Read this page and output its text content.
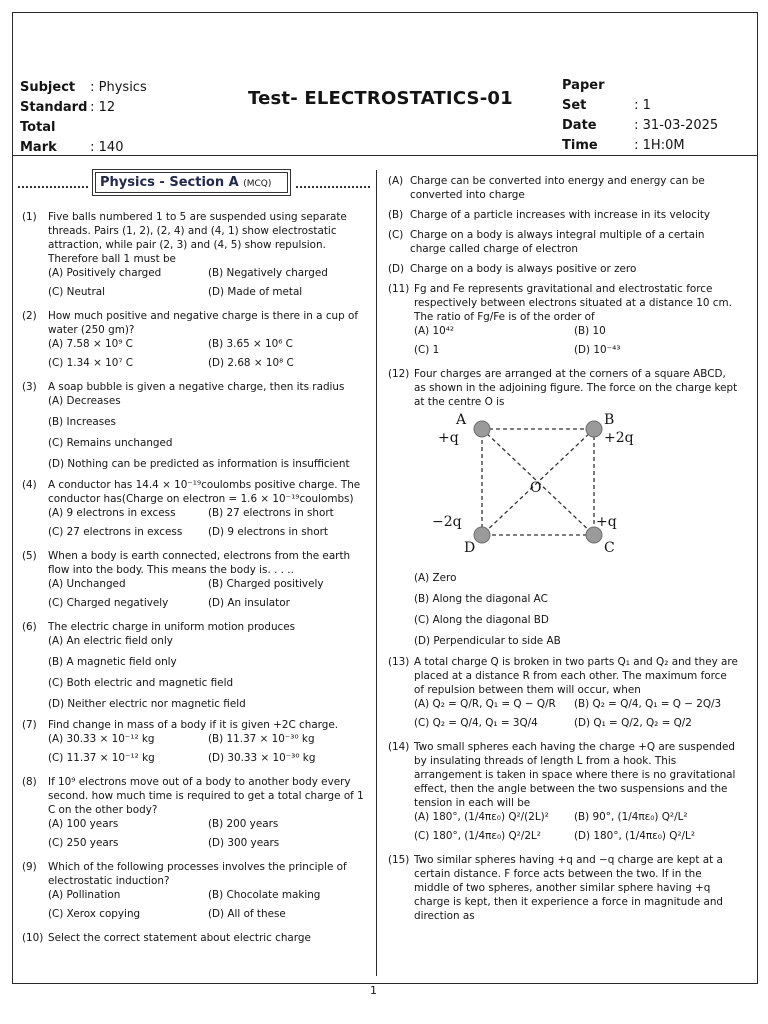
Subject : Physics
Standard : 12
Total Mark	: 140
Test- ELECTROSTATICS-01
Paper Set	: 1
Date	: 31-03-2025
Time	: 1H:0M
Physics - Section A (MCQ)
(1) Five balls numbered 1 to 5 are suspended using separate threads. Pairs (1, 2), (2, 4) and (4, 1) show electrostatic attraction, while pair (2, 3) and (4, 5) show repulsion. Therefore ball 1 must be
(A) Positively charged	(B) Negatively charged
(C) Neutral	(D) Made of metal
(2) How much positive and negative charge is there in a cup of water (250 gm)?
(A) 7.58 × 10⁹ C	(B) 3.65 × 10⁶ C
(C) 1.34 × 10⁷ C	(D) 2.68 × 10⁸ C
(3) A soap bubble is given a negative charge, then its radius
(A) Decreases
(B) Increases
(C) Remains unchanged
(D) Nothing can be predicted as information is insufficient
(4) A conductor has 14.4 × 10⁻¹⁹coulombs positive charge. The conductor has(Charge on electron = 1.6 × 10⁻¹⁹coulombs)
(A) 9 electrons in excess	(B) 27 electrons in short
(C) 27 electrons in excess (D) 9 electrons in short
(5) When a body is earth connected, electrons from the earth flow into the body. This means the body is. . . ..
(A) Unchanged	(B) Charged positively
(C) Charged negatively	(D) An insulator
(6) The electric charge in uniform motion produces
(A) An electric field only
(B) A magnetic field only
(C) Both electric and magnetic field
(D) Neither electric nor magnetic field
(7) Find change in mass of a body if it is given +2C charge.
(A) 30.33 × 10⁻¹² kg	(B) 11.37 × 10⁻³⁰ kg
(C) 11.37 × 10⁻¹² kg	(D) 30.33 × 10⁻³⁰ kg
(8) If 10⁹ electrons move out of a body to another body every second. how much time is required to get a total charge of 1 C on the other body?
(A) 100 years	(B) 200 years
(C) 250 years	(D) 300 years
(9) Which of the following processes involves the principle of electrostatic induction?
(A) Pollination	(B) Chocolate making
(C) Xerox copying	(D) All of these
(10) Select the correct statement about electric charge
(A) Charge can be converted into energy and energy can be converted into charge
(B) Charge of a particle increases with increase in its velocity
(C) Charge on a body is always integral multiple of a certain charge called charge of electron
(D) Charge on a body is always positive or zero
(11) Fg and Fe represents gravitational and electrostatic force respectively between electrons situated at a distance 10 cm. The ratio of Fg/Fe is of the order of
(A) 10⁴²	(B) 10
(C) 1	(D) 10⁻⁴³
(12) Four charges are arranged at the corners of a square ABCD, as shown in the adjoining figure. The force on the charge kept at the centre O is
A
+q
B
+2q
O
−2q
D
+q
C
(A) Zero
(B) Along the diagonal AC
(C) Along the diagonal BD
(D) Perpendicular to side AB
(13) A total charge Q is broken in two parts Q₁ and Q₂ and they are placed at a distance R from each other. The maximum force of repulsion between them will occur, when
(A) Q₂ = Q/R, Q₁ = Q − Q/R (B) Q₂ = Q/4, Q₁ = Q − 2Q/3
(C) Q₂ = Q/4, Q₁ = 3Q/4	(D) Q₁ = Q/2, Q₂ = Q/2
(14) Two small spheres each having the charge +Q are suspended by insulating threads of length L from a hook. This arrangement is taken in space where there is no gravitational effect, then the angle between the two suspensions and the tension in each will be
(A) 180°, (1/4πε₀) Q²/(2L)² (B) 90°, (1/4πε₀) Q²/L²
(C) 180°, (1/4πε₀) Q²/2L²	(D) 180°, (1/4πε₀) Q²/L²
(15) Two similar spheres having +q and −q charge are kept at a certain distance. F force acts between the two. If in the middle of two spheres, another similar sphere having +q charge is kept, then it experience a force in magnitude and direction as
1
